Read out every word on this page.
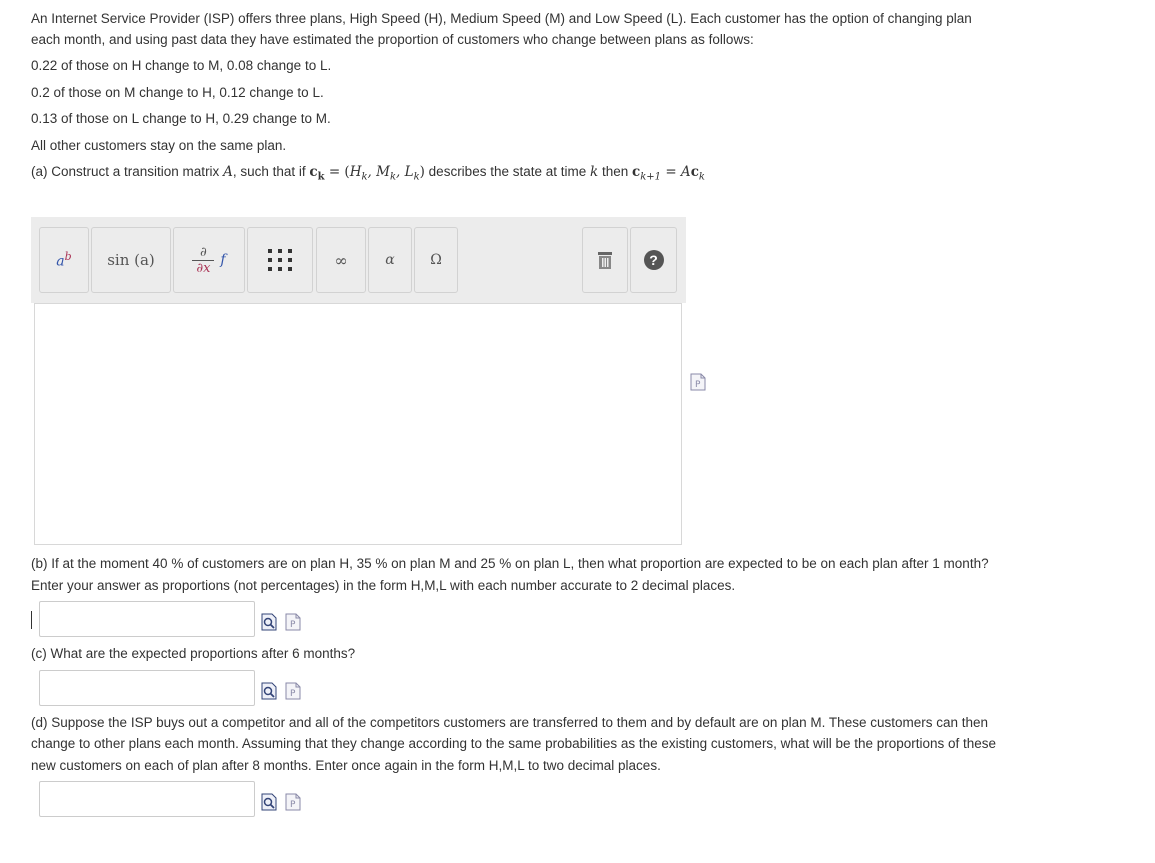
An Internet Service Provider (ISP) offers three plans, High Speed (H), Medium Speed (M) and Low Speed (L). Each customer has the option of changing plan

each month, and using past data they have estimated the proportion of customers who change between plans as follows:

0.22 of those on H change to M, 0.08 change to L.

0.2 of those on M change to H, 0.12 change to L.

0.13 of those on L change to H, 0.29 change to M.

All other customers stay on the same plan.

(a) Construct a transition matrix A, such that if $c_k = (H_k$, $M_k$, $L_k$) describes the state at time k then $c_{k+1} = Ac_k$

$a^b$ sin (a)	∂
∂x f	∞	α	Ω	?
P

(b) If at the moment 40 % of customers are on plan H, 35 % on plan M and 25 % on plan L, then what proportion are expected to be on each plan after 1 month?

Enter your answer as proportions (not percentages) in the form H,M,L with each number accurate to 2 decimal places.

P

(c) What are the expected proportions after 6 months?

P

(d) Suppose the ISP buys out a competitor and all of the competitors customers are transferred to them and by default are on plan M. These customers can then

change to other plans each month. Assuming that they change according to the same probabilities as the existing customers, what will be the proportions of these

new customers on each of plan after 8 months. Enter once again in the form H,M,L to two decimal places.

P
